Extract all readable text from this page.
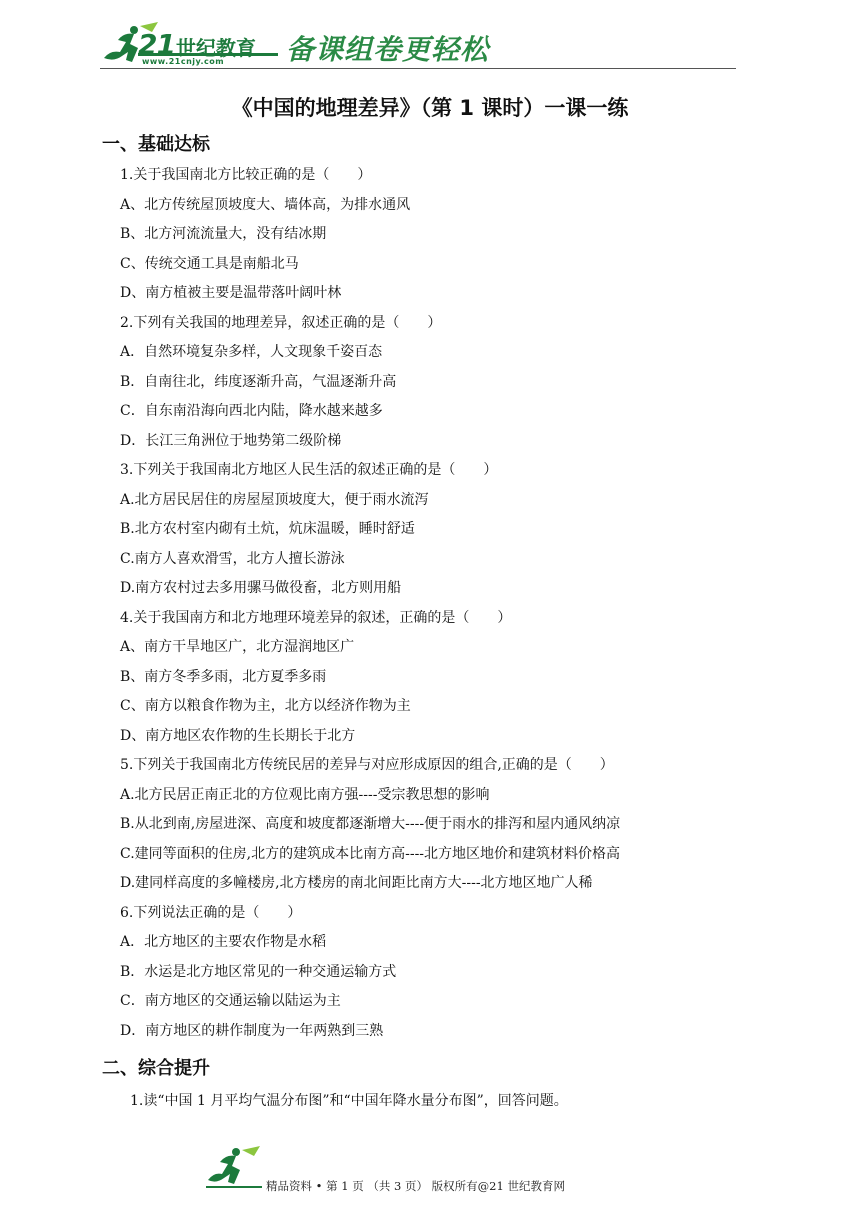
21 世纪教育
www.21cnjy.com 备课组卷更轻松
《中国的地理差异》（第 1 课时）一课一练
一、基础达标
1.关于我国南北方比较正确的是（　　）
A、北方传统屋顶坡度大、墙体高，为排水通风
B、北方河流流量大，没有结冰期
C、传统交通工具是南船北马
D、南方植被主要是温带落叶阔叶林
2.下列有关我国的地理差异，叙述正确的是（　　）
A．自然环境复杂多样，人文现象千姿百态
B．自南往北，纬度逐渐升高，气温逐渐升高
C．自东南沿海向西北内陆，降水越来越多
D．长江三角洲位于地势第二级阶梯
3.下列关于我国南北方地区人民生活的叙述正确的是（　　）
A.北方居民居住的房屋屋顶坡度大，便于雨水流泻
B.北方农村室内砌有土炕，炕床温暖，睡时舒适
C.南方人喜欢滑雪，北方人擅长游泳
D.南方农村过去多用骡马做役畜，北方则用船
4.关于我国南方和北方地理环境差异的叙述，正确的是（　　）
A、南方干旱地区广，北方湿润地区广
B、南方冬季多雨，北方夏季多雨
C、南方以粮食作物为主，北方以经济作物为主
D、南方地区农作物的生长期长于北方
5.下列关于我国南北方传统民居的差异与对应形成原因的组合,正确的是（　　）
A.北方民居正南正北的方位观比南方强----受宗教思想的影响
B.从北到南,房屋进深、高度和坡度都逐渐增大----便于雨水的排泻和屋内通风纳凉
C.建同等面积的住房,北方的建筑成本比南方高----北方地区地价和建筑材料价格高
D.建同样高度的多幢楼房,北方楼房的南北间距比南方大----北方地区地广人稀
6.下列说法正确的是（　　）
A．北方地区的主要农作物是水稻
B．水运是北方地区常见的一种交通运输方式
C．南方地区的交通运输以陆运为主
D．南方地区的耕作制度为一年两熟到三熟
二、综合提升
1.读“中国 1 月平均气温分布图”和“中国年降水量分布图”，回答问题。
精品资料 • 第 1 页 （共 3 页） 版权所有@21 世纪教育网
